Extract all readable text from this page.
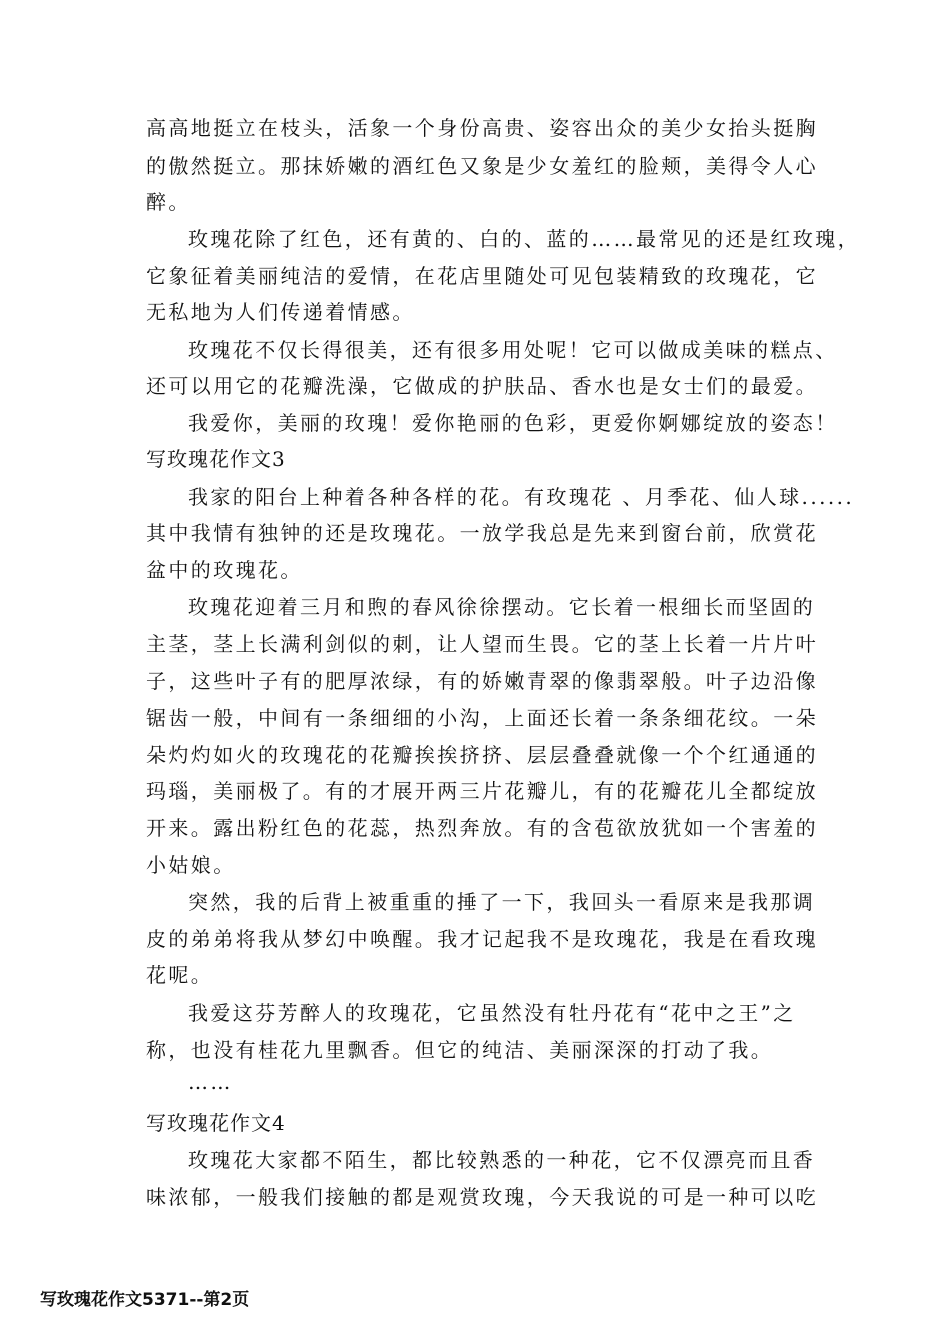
高高地挺立在枝头，活象一个身份高贵、姿容出众的美少女抬头挺胸
的傲然挺立。那抹娇嫩的酒红色又象是少女羞红的脸颊，美得令人心
醉。
玫瑰花除了红色，还有黄的、白的、蓝的……最常见的还是红玫瑰，
它象征着美丽纯洁的爱情，在花店里随处可见包装精致的玫瑰花，它
无私地为人们传递着情感。
玫瑰花不仅长得很美，还有很多用处呢！它可以做成美味的糕点、
还可以用它的花瓣洗澡，它做成的护肤品、香水也是女士们的最爱。
我爱你，美丽的玫瑰！爱你艳丽的色彩，更爱你婀娜绽放的姿态！
写玫瑰花作文3
我家的阳台上种着各种各样的花。有玫瑰花 、月季花、仙人球......
其中我情有独钟的还是玫瑰花。一放学我总是先来到窗台前，欣赏花
盆中的玫瑰花。
玫瑰花迎着三月和煦的春风徐徐摆动。它长着一根细长而坚固的
主茎，茎上长满利剑似的刺，让人望而生畏。它的茎上长着一片片叶
子，这些叶子有的肥厚浓绿，有的娇嫩青翠的像翡翠般。叶子边沿像
锯齿一般，中间有一条细细的小沟，上面还长着一条条细花纹。一朵
朵灼灼如火的玫瑰花的花瓣挨挨挤挤、层层叠叠就像一个个红通通的
玛瑙，美丽极了。有的才展开两三片花瓣儿，有的花瓣花儿全都绽放
开来。露出粉红色的花蕊，热烈奔放。有的含苞欲放犹如一个害羞的
小姑娘。
突然，我的后背上被重重的捶了一下，我回头一看原来是我那调
皮的弟弟将我从梦幻中唤醒。我才记起我不是玫瑰花，我是在看玫瑰
花呢。
我爱这芬芳醉人的玫瑰花，它虽然没有牡丹花有“花中之王”之
称，也没有桂花九里飘香。但它的纯洁、美丽深深的打动了我。
……
写玫瑰花作文4
玫瑰花大家都不陌生，都比较熟悉的一种花，它不仅漂亮而且香
味浓郁，一般我们接触的都是观赏玫瑰，今天我说的可是一种可以吃
写玫瑰花作文5371--第2页
